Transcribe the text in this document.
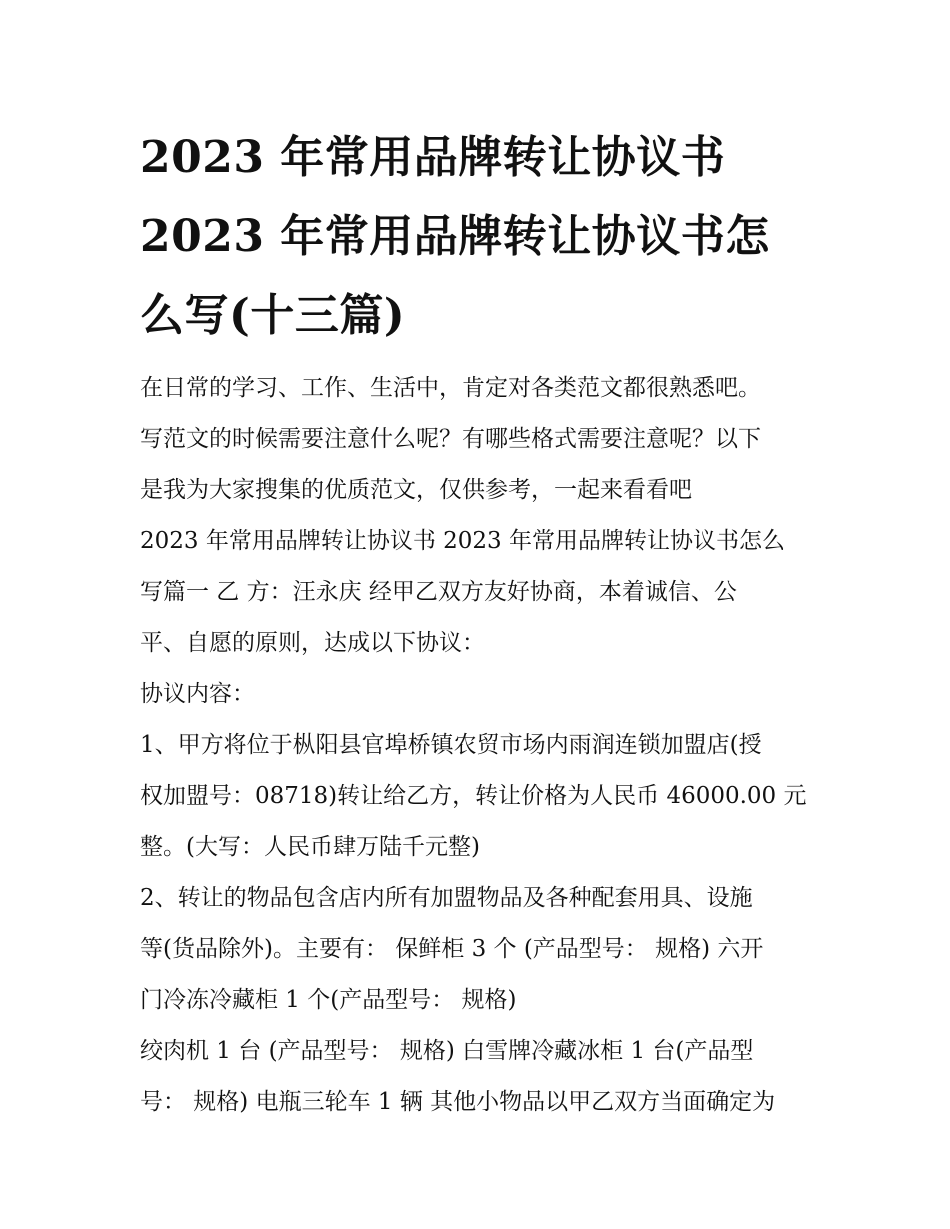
2023 年常用品牌转让协议书
2023 年常用品牌转让协议书怎
么写(十三篇)
在日常的学习、工作、生活中，肯定对各类范文都很熟悉吧。
写范文的时候需要注意什么呢？有哪些格式需要注意呢？以下
是我为大家搜集的优质范文，仅供参考，一起来看看吧
2023 年常用品牌转让协议书 2023 年常用品牌转让协议书怎么
写篇一 乙 方：汪永庆 经甲乙双方友好协商，本着诚信、公
平、自愿的原则，达成以下协议：
协议内容：
1、甲方将位于枞阳县官埠桥镇农贸市场内雨润连锁加盟店(授
权加盟号：08718)转让给乙方，转让价格为人民币 46000.00 元
整。(大写：人民币肆万陆千元整)
2、转让的物品包含店内所有加盟物品及各种配套用具、设施
等(货品除外)。主要有： 保鲜柜 3 个 (产品型号： 规格) 六开
门冷冻冷藏柜 1 个(产品型号： 规格)
绞肉机 1 台 (产品型号： 规格) 白雪牌冷藏冰柜 1 台(产品型
号： 规格) 电瓶三轮车 1 辆 其他小物品以甲乙双方当面确定为
